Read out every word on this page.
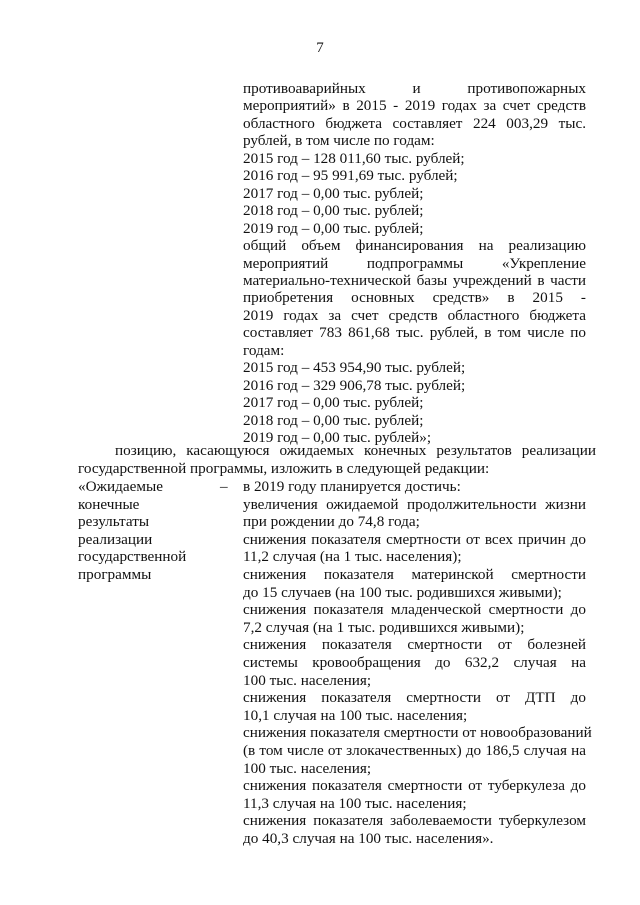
7
противоаварийных и противопожарных
мероприятий» в 2015 - 2019 годах за счет средств
областного бюджета составляет 224 003,29 тыс.
рублей, в том числе по годам:
2015 год – 128 011,60 тыс. рублей;
2016 год – 95 991,69 тыс. рублей;
2017 год – 0,00 тыс. рублей;
2018 год – 0,00 тыс. рублей;
2019 год – 0,00 тыс. рублей;
общий объем финансирования на реализацию
мероприятий подпрограммы «Укрепление
материально-технической базы учреждений в части
приобретения основных средств» в 2015 -
2019 годах за счет средств областного бюджета
составляет 783 861,68 тыс. рублей, в том числе по
годам:
2015 год – 453 954,90 тыс. рублей;
2016 год – 329 906,78 тыс. рублей;
2017 год – 0,00 тыс. рублей;
2018 год – 0,00 тыс. рублей;
2019 год – 0,00 тыс. рублей»;
позицию, касающуюся ожидаемых конечных результатов реализации
государственной программы, изложить в следующей редакции:
«Ожидаемые
конечные
результаты
реализации
государственной
программы
– в 2019 году планируется достичь:
увеличения ожидаемой продолжительности жизни
при рождении до 74,8 года;
снижения показателя смертности от всех причин до
11,2 случая (на 1 тыс. населения);
снижения показателя материнской смертности
до 15 случаев (на 100 тыс. родившихся живыми);
снижения показателя младенческой смертности до
7,2 случая (на 1 тыс. родившихся живыми);
снижения показателя смертности от болезней
системы кровообращения до 632,2 случая на
100 тыс. населения;
снижения показателя смертности от ДТП до
10,1 случая на 100 тыс. населения;
снижения показателя смертности от новообразований
(в том числе от злокачественных) до 186,5 случая на
100 тыс. населения;
снижения показателя смертности от туберкулеза до
11,3 случая на 100 тыс. населения;
снижения показателя заболеваемости туберкулезом
до 40,3 случая на 100 тыс. населения».
